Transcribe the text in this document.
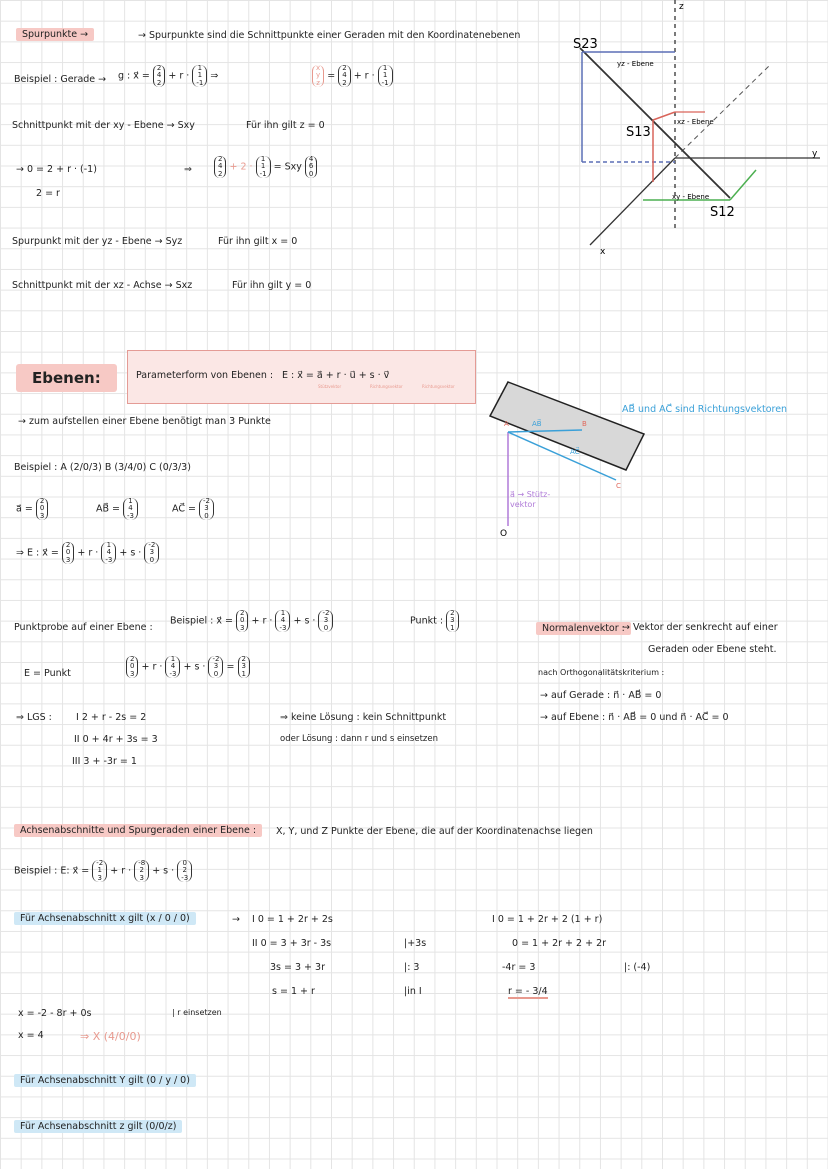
Spurpunkte →	→ Spurpunkte sind die Schnittpunkte einer Geraden mit den Koordinatenebenen
Beispiel : Gerade → g : x⃗ =
2
4
2
+ r ·
1
1
-1
⇒
x
y
z
=
2
4
2
+ r ·
1
1
-1
Schnittpunkt mit der xy - Ebene → Sxy	Für ihn gilt z = 0
→ 0 = 2 + r · (-1)
2 = r
⇒
2
4
2
+ 2 ·
1
1
-1
= Sxy
4
6
0
Spurpunkt mit der yz - Ebene → Syz	Für ihn gilt x = 0
Schnittpunkt mit der xz - Achse → Sxz	Für ihn gilt y = 0
S23
S13
S12
yz - Ebene
xz - Ebene
xy - Ebene
x
y
z
Ebenen:	Parameterform von Ebenen : E : x⃗ = a⃗ + r · u⃗ + s · v⃗
Stützvektor	Richtungsvektor	Richtungsvektor
→ zum aufstellen einer Ebene benötigt man 3 Punkte
Beispiel : A (2/0/3) B (3/4/0) C (0/3/3)
a⃗ =
2
0
3
AB⃗ =
1
4
-3
AC⃗ =
-2
3
0
⇒ E : x⃗ =
2
0
3
+ r ·
1
4
-3
+ s ·
-2
3
0
A	B
C
AB⃗
AC⃗
O
a⃗ → Stütz-
vektor
AB⃗ und AC⃗ sind Richtungsvektoren
Punktprobe auf einer Ebene :
Beispiel : x⃗ =
2
0
3
+ r ·
1
4
-3
+ s ·
-2
3
0
Punkt :
2
3
1
E = Punkt
2
0
3
+ r ·
1
4
-3
+ s ·
-2
3
0
=
2
3
1
⇒ LGS :	I 2 + r - 2s = 2
II 0 + 4r + 3s = 3
III 3 + -3r = 1
⇒ keine Lösung : kein Schnittpunkt
oder Lösung : dann r und s einsetzen
Normalenvektor :
→ Vektor der senkrecht auf einer
Geraden oder Ebene steht.
nach Orthogonalitätskriterium :
→ auf Gerade : n⃗ · AB⃗ = 0
→ auf Ebene : n⃗ · AB⃗ = 0 und n⃗ · AC⃗ = 0
Achsenabschnitte und Spurgeraden einer Ebene :	X, Y, und Z Punkte der Ebene, die auf der Koordinatenachse liegen
Beispiel : E: x⃗ =
-2
1
3
+ r ·
-8
2
3
+ s ·
0
2
-3
Für Achsenabschnitt x gilt (x / 0 / 0)	→ I 0 = 1 + 2r + 2s
II 0 = 3 + 3r - 3s	|+3s
3s = 3 + 3r	|: 3
s = 1 + r	|in I
I 0 = 1 + 2r + 2 (1 + r)
0 = 1 + 2r + 2 + 2r
-4r = 3	|: (-4)
r = - 3/4
x = -2 - 8r + 0s	| r einsetzen
x = 4	⇒ X (4/0/0)
Für Achsenabschnitt Y gilt (0 / y / 0)
Für Achsenabschnitt z gilt (0/0/z)
